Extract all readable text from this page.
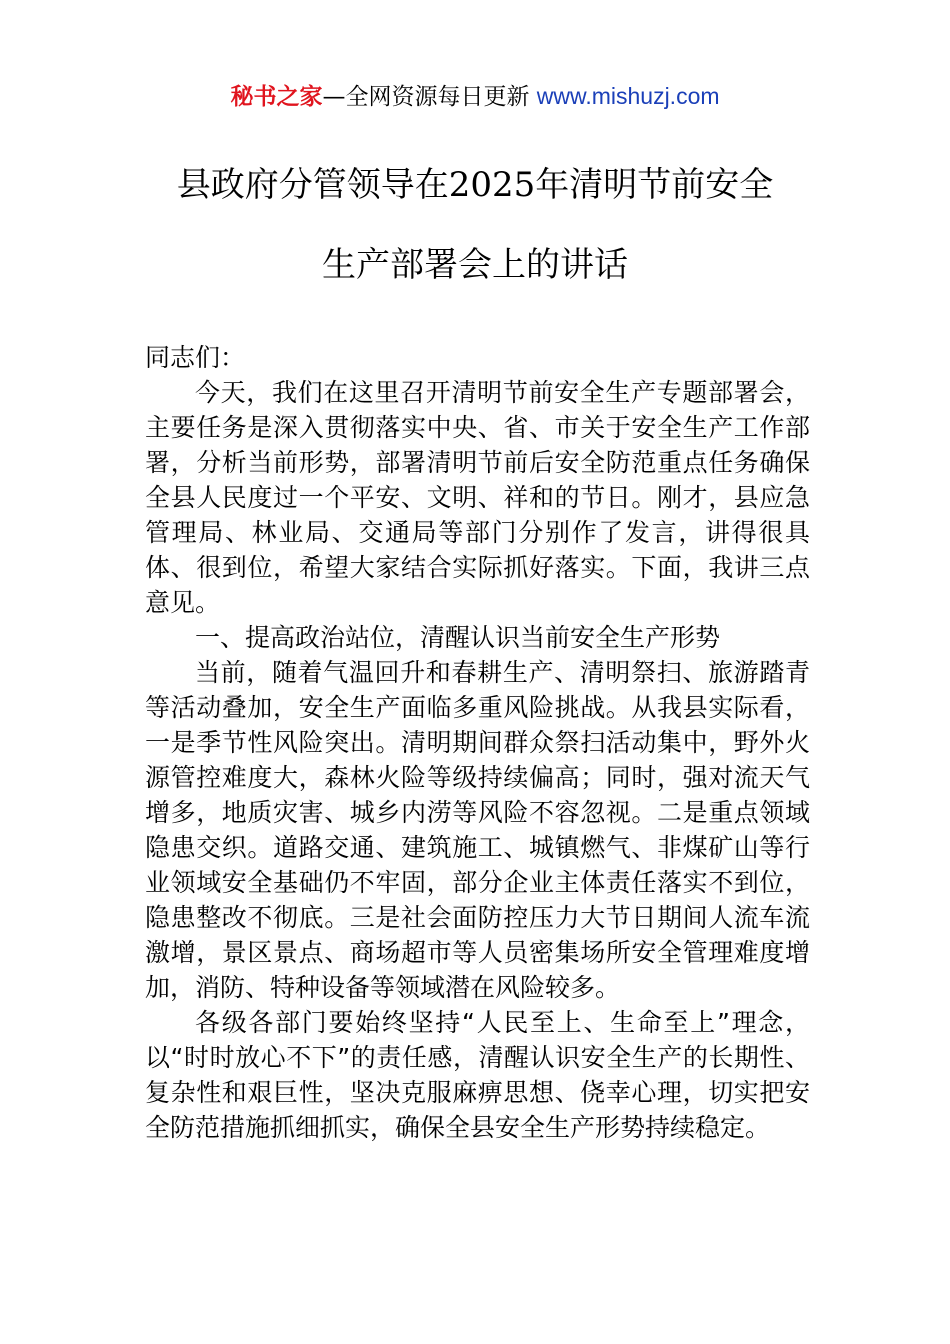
秘书之家—全网资源每日更新 www.mishuzj.com
县政府分管领导在2025年清明节前安全
生产部署会上的讲话

同志们：

今天，我们在这里召开清明节前安全生产专题部署会，主要任务是深入贯彻落实中央、省、市关于安全生产工作部署，分析当前形势，部署清明节前后安全防范重点任务确保全县人民度过一个平安、文明、祥和的节日。刚才，县应急管理局、林业局、交通局等部门分别作了发言，讲得很具体、很到位，希望大家结合实际抓好落实。下面，我讲三点意见。

一、提高政治站位，清醒认识当前安全生产形势

当前，随着气温回升和春耕生产、清明祭扫、旅游踏青等活动叠加，安全生产面临多重风险挑战。从我县实际看，一是季节性风险突出。清明期间群众祭扫活动集中，野外火源管控难度大，森林火险等级持续偏高；同时，强对流天气增多，地质灾害、城乡内涝等风险不容忽视。二是重点领域隐患交织。道路交通、建筑施工、城镇燃气、非煤矿山等行业领域安全基础仍不牢固，部分企业主体责任落实不到位，隐患整改不彻底。三是社会面防控压力大节日期间人流车流激增，景区景点、商场超市等人员密集场所安全管理难度增加，消防、特种设备等领域潜在风险较多。

各级各部门要始终坚持“人民至上、生命至上”理念，以“时时放心不下”的责任感，清醒认识安全生产的长期性、复杂性和艰巨性，坚决克服麻痹思想、侥幸心理，切实把安全防范措施抓细抓实，确保全县安全生产形势持续稳定。
